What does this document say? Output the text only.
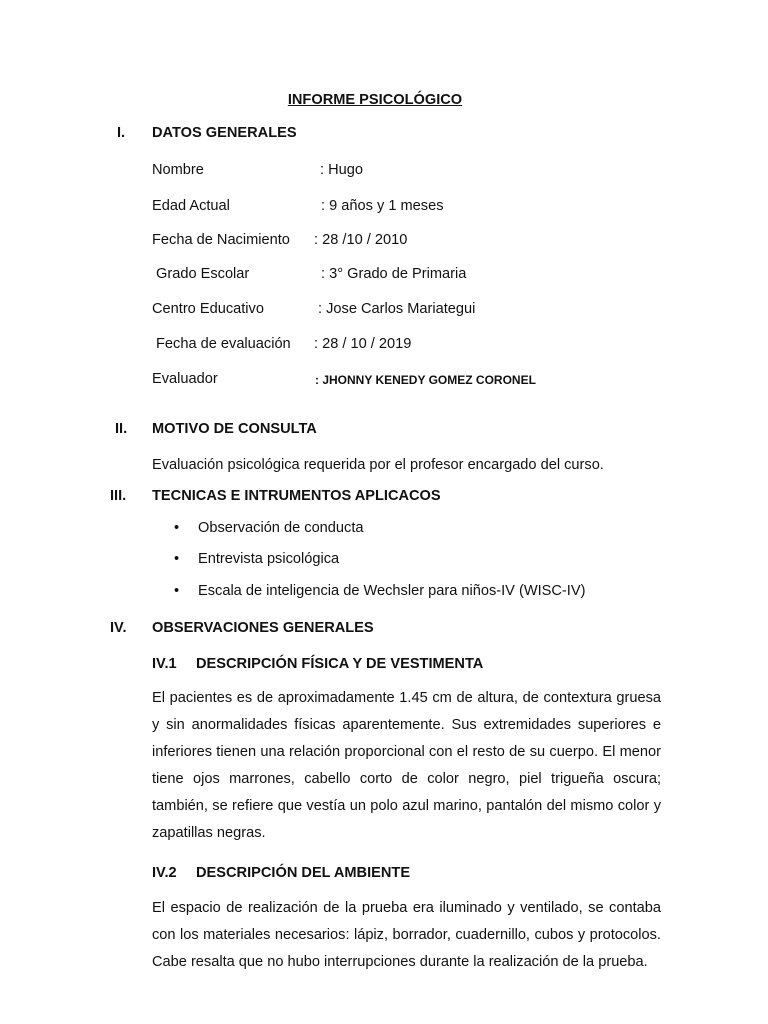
INFORME PSICOLÓGICO
I. DATOS GENERALES
Nombre	: Hugo
Edad Actual	: 9 años y 1 meses
Fecha de Nacimiento : 28 /10 / 2010
Grado Escolar	: 3° Grado de Primaria
Centro Educativo	: Jose Carlos Mariategui
Fecha de evaluación : 28 / 10 / 2019
Evaluador	: JHONNY KENEDY GOMEZ CORONEL
II. MOTIVO DE CONSULTA
Evaluación psicológica requerida por el profesor encargado del curso.
III. TECNICAS E INTRUMENTOS APLICACOS
• Observación de conducta
• Entrevista psicológica
• Escala de inteligencia de Wechsler para niños-IV (WISC-IV)
IV. OBSERVACIONES GENERALES
IV.1 DESCRIPCIÓN FÍSICA Y DE VESTIMENTA
El pacientes es de aproximadamente 1.45 cm de altura, de contextura gruesa y sin anormalidades físicas aparentemente. Sus extremidades superiores e inferiores tienen una relación proporcional con el resto de su cuerpo. El menor tiene ojos marrones, cabello corto de color negro, piel trigueña oscura; también, se refiere que vestía un polo azul marino, pantalón del mismo color y zapatillas negras.
IV.2 DESCRIPCIÓN DEL AMBIENTE
El espacio de realización de la prueba era iluminado y ventilado, se contaba con los materiales necesarios: lápiz, borrador, cuadernillo, cubos y protocolos. Cabe resalta que no hubo interrupciones durante la realización de la prueba.
